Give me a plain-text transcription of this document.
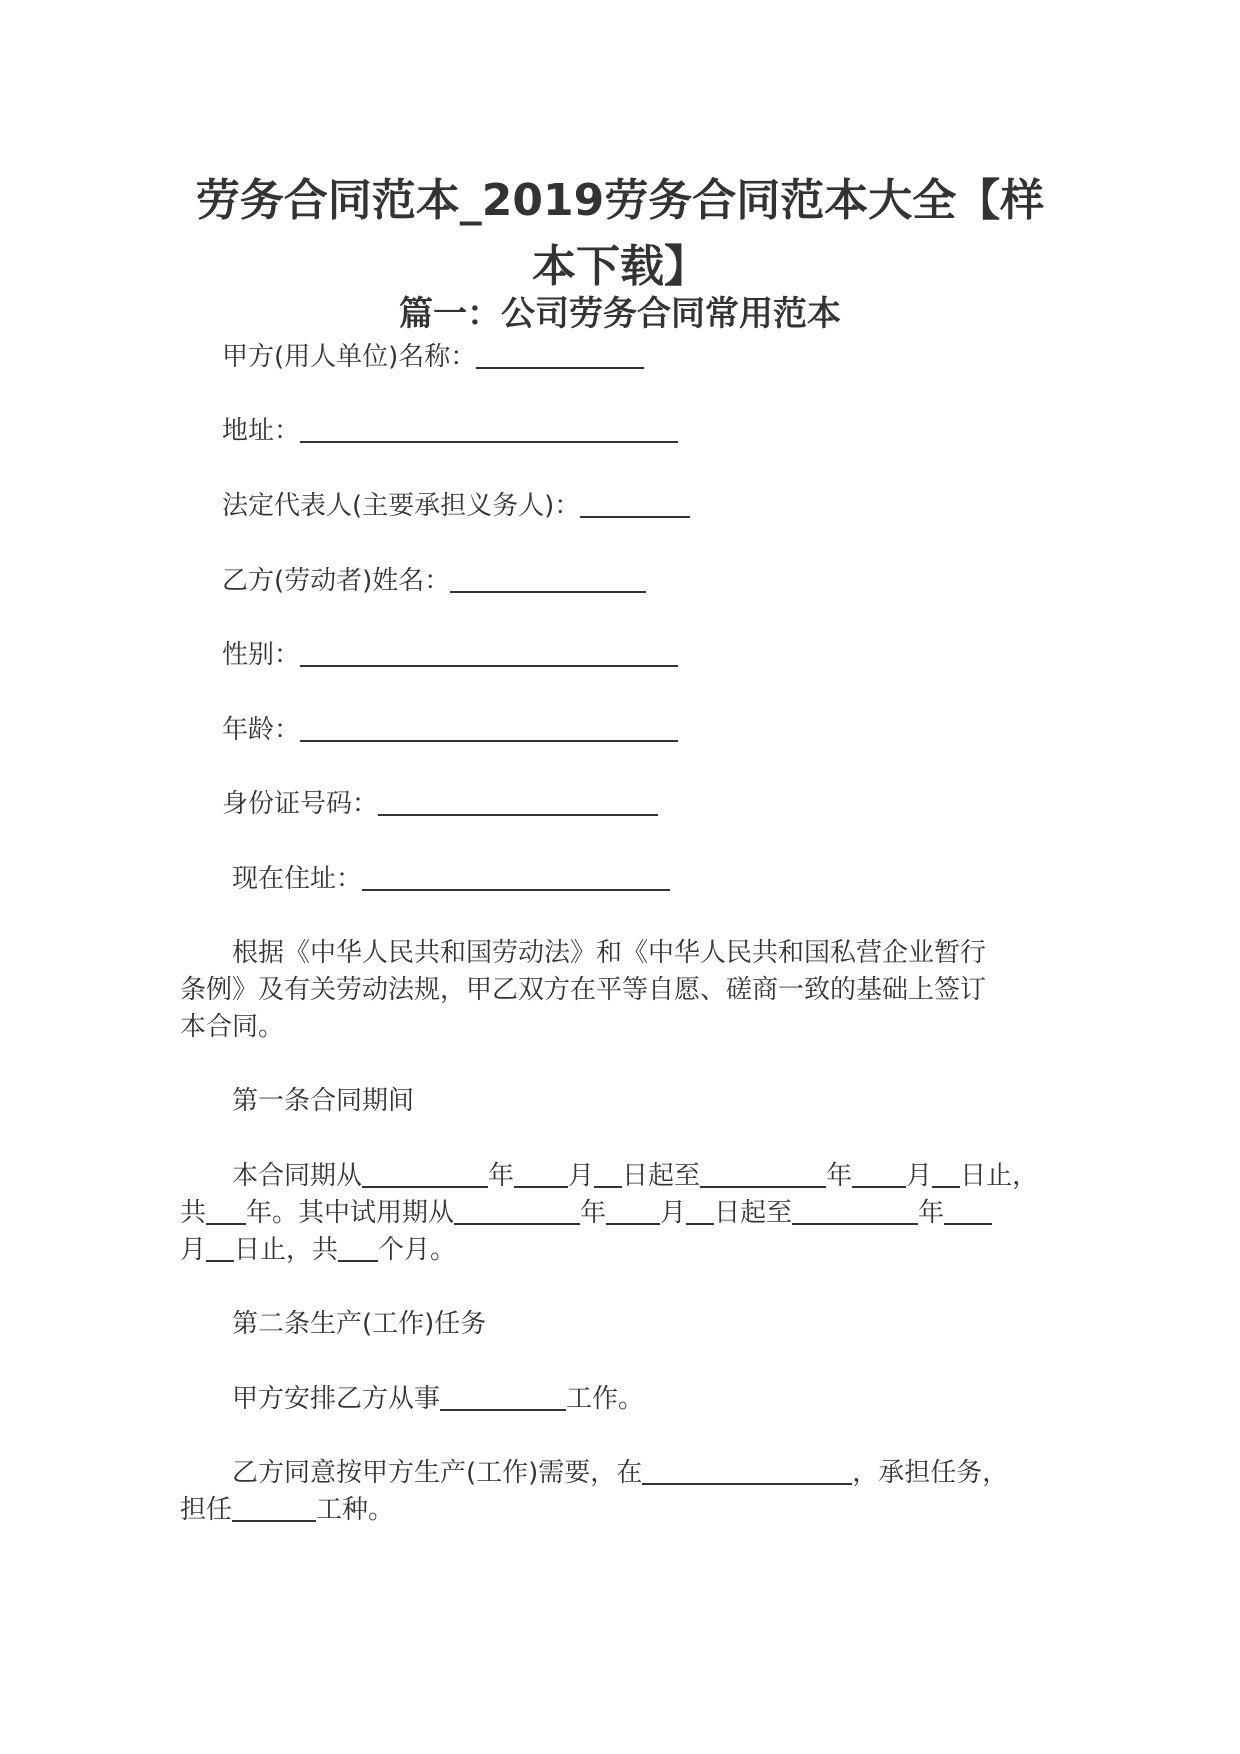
劳务合同范本_2019劳务合同范本大全【样
本下载】
篇一：公司劳务合同常用范本

甲方(用人单位)名称：

地址：

法定代表人(主要承担义务人)：

乙方(劳动者)姓名：

性别：

年龄：

身份证号码：

现在住址：

根据《中华人民共和国劳动法》和《中华人民共和国私营企业暂行

条例》及有关劳动法规，甲乙双方在平等自愿、磋商一致的基础上签订

本合同。

第一条合同期间

本合同期从	年 月 日起至	年 月 日止，

共 年。其中试用期从	年 月 日起至	年

月 日止，共 个月。

第二条生产(工作)任务

甲方安排乙方从事	工作。

乙方同意按甲方生产(工作)需要，在	，承担任务，

担任	工种。
